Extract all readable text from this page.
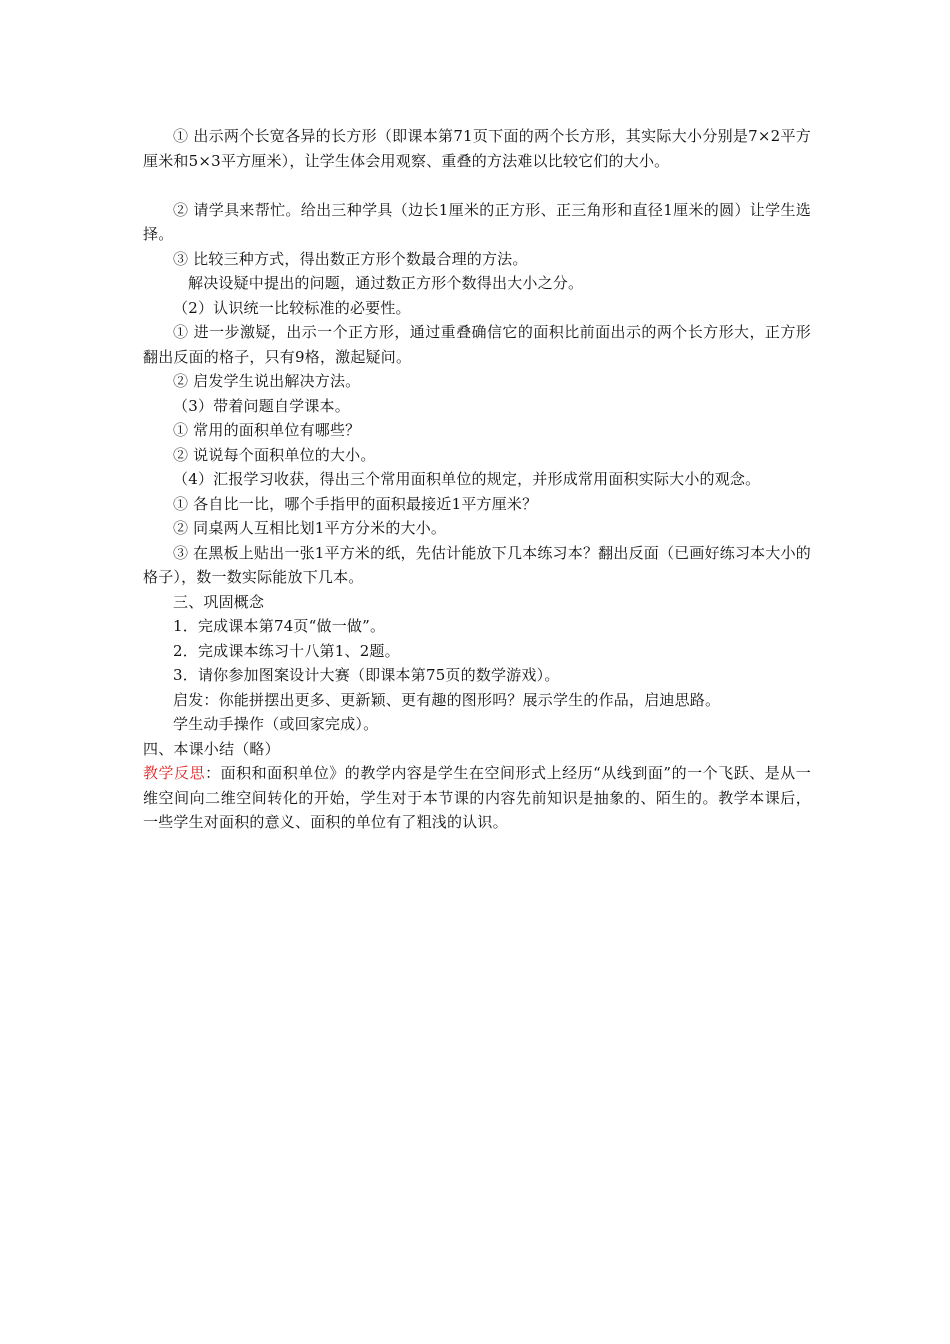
① 出示两个长宽各异的长方形（即课本第71页下面的两个长方形，其实际大小分别是7×2平方厘米和5×3平方厘米），让学生体会用观察、重叠的方法难以比较它们的大小。

② 请学具来帮忙。给出三种学具（边长1厘米的正方形、正三角形和直径1厘米的圆）让学生选择。

③ 比较三种方式，得出数正方形个数最合理的方法。

解决设疑中提出的问题，通过数正方形个数得出大小之分。

（2）认识统一比较标准的必要性。

① 进一步激疑，出示一个正方形，通过重叠确信它的面积比前面出示的两个长方形大，正方形翻出反面的格子，只有9格，激起疑问。

② 启发学生说出解决方法。

（3）带着问题自学课本。

① 常用的面积单位有哪些？

② 说说每个面积单位的大小。

（4）汇报学习收获，得出三个常用面积单位的规定，并形成常用面积实际大小的观念。

① 各自比一比，哪个手指甲的面积最接近1平方厘米？

② 同桌两人互相比划1平方分米的大小。

③ 在黑板上贴出一张1平方米的纸，先估计能放下几本练习本？翻出反面（已画好练习本大小的格子），数一数实际能放下几本。

三、巩固概念

1．完成课本第74页“做一做”。

2．完成课本练习十八第1、2题。

3．请你参加图案设计大赛（即课本第75页的数学游戏）。

启发：你能拼摆出更多、更新颖、更有趣的图形吗？展示学生的作品，启迪思路。

学生动手操作（或回家完成）。

四、本课小结（略）

教学反思：面积和面积单位》的教学内容是学生在空间形式上经历“从线到面”的一个飞跃、是从一维空间向二维空间转化的开始，学生对于本节课的内容先前知识是抽象的、陌生的。教学本课后，一些学生对面积的意义、面积的单位有了粗浅的认识。
